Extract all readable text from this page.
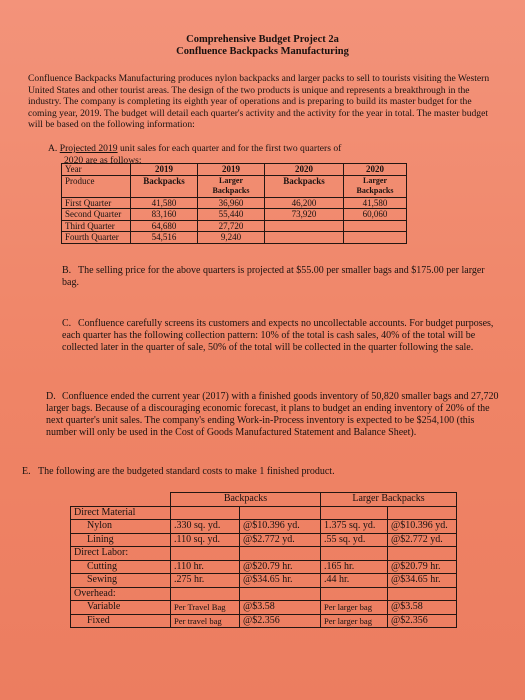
Comprehensive Budget Project 2a
Confluence Backpacks Manufacturing

Confluence Backpacks Manufacturing produces nylon backpacks and larger packs to sell to tourists visiting the Western United States and other tourist areas. The design of the two products is unique and represents a breakthrough in the industry. The company is completing its eighth year of operations and is preparing to build its master budget for the coming year, 2019. The budget will detail each quarter's activity and the activity for the year in total. The master budget will be based on the following information:

A. Projected 2019 unit sales for each quarter and for the first two quarters of
2020 are as follows:
Year	2019	2019	2020	2020
Produce	Backpacks	Larger Backpacks	Backpacks	Larger Backpacks
First Quarter	41,580	36,960	46,200	41,580
Second Quarter	83,160	55,440	73,920	60,060
Third Quarter	64,680	27,720		
Fourth Quarter	54,516	9,240		
B. The selling price for the above quarters is projected at $55.00 per smaller bags and $175.00 per larger bag.
C. Confluence carefully screens its customers and expects no uncollectable accounts. For budget purposes, each quarter has the following collection pattern: 10% of the total is cash sales, 40% of the total will be collected later in the quarter of sale, 50% of the total will be collected in the quarter following the sale.
D. Confluence ended the current year (2017) with a finished goods inventory of 50,820 smaller bags and 27,720 larger bags. Because of a discouraging economic forecast, it plans to budget an ending inventory of 20% of the next quarter's unit sales. The company's ending Work-in-Process inventory is expected to be $254,100 (this number will only be used in the Cost of Goods Manufactured Statement and Balance Sheet).
E. The following are the budgeted standard costs to make 1 finished product.
	Backpacks		Larger Backpacks	
Direct Material				
Nylon	.330 sq. yd.	@$10.396 yd.	1.375 sq. yd.	@$10.396 yd.
Lining	.110 sq. yd.	@$2.772 yd.	.55 sq. yd.	@$2.772 yd.
Direct Labor:				
Cutting	.110 hr.	@$20.79 hr.	.165 hr.	@$20.79 hr.
Sewing	.275 hr.	@$34.65 hr.	.44 hr.	@$34.65 hr.
Overhead:				
Variable	Per Travel Bag	@$3.58	Per larger bag	@$3.58
Fixed	Per travel bag	@$2.356	Per larger bag	@$2.356
